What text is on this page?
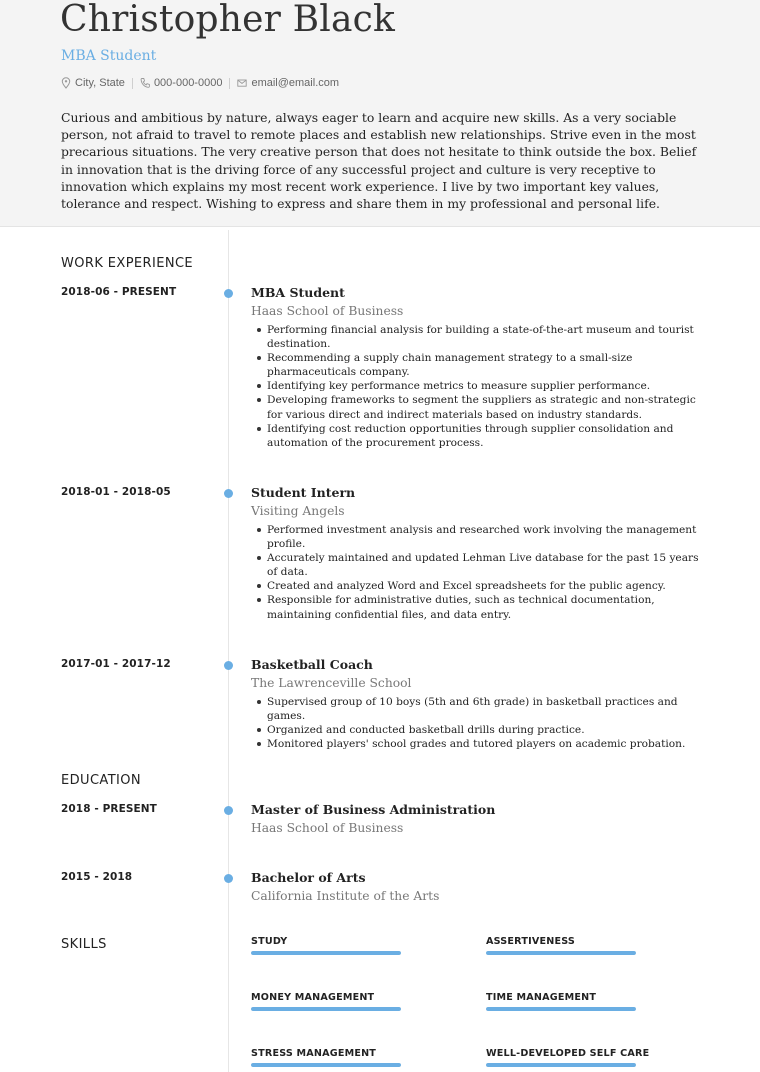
Christopher Black
MBA Student
City, State	000-000-0000	email@email.com
Curious and ambitious by nature, always eager to learn and acquire new skills. As a very sociable person, not afraid to travel to remote places and establish new relationships. Strive even in the most precarious situations. The very creative person that does not hesitate to think outside the box. Belief in innovation that is the driving force of any successful project and culture is very receptive to innovation which explains my most recent work experience. I live by two important key values, tolerance and respect. Wishing to express and share them in my professional and personal life.
WORK EXPERIENCE
2018-06 - PRESENT	MBA Student
Haas School of Business
Performing financial analysis for building a state-of-the-art museum and tourist destination.
Recommending a supply chain management strategy to a small-size pharmaceuticals company.
Identifying key performance metrics to measure supplier performance.
Developing frameworks to segment the suppliers as strategic and non-strategic for various direct and indirect materials based on industry standards.
Identifying cost reduction opportunities through supplier consolidation and automation of the procurement process.
2018-01 - 2018-05	Student Intern
Visiting Angels
Performed investment analysis and researched work involving the management profile.
Accurately maintained and updated Lehman Live database for the past 15 years of data.
Created and analyzed Word and Excel spreadsheets for the public agency.
Responsible for administrative duties, such as technical documentation, maintaining confidential files, and data entry.
2017-01 - 2017-12	Basketball Coach
The Lawrenceville School
Supervised group of 10 boys (5th and 6th grade) in basketball practices and games.
Organized and conducted basketball drills during practice.
Monitored players' school grades and tutored players on academic probation.
EDUCATION
2018 - PRESENT	Master of Business Administration
Haas School of Business
2015 - 2018	Bachelor of Arts
California Institute of the Arts
SKILLS	STUDY	ASSERTIVENESS
MONEY MANAGEMENT	TIME MANAGEMENT
STRESS MANAGEMENT	WELL-DEVELOPED SELF CARE
